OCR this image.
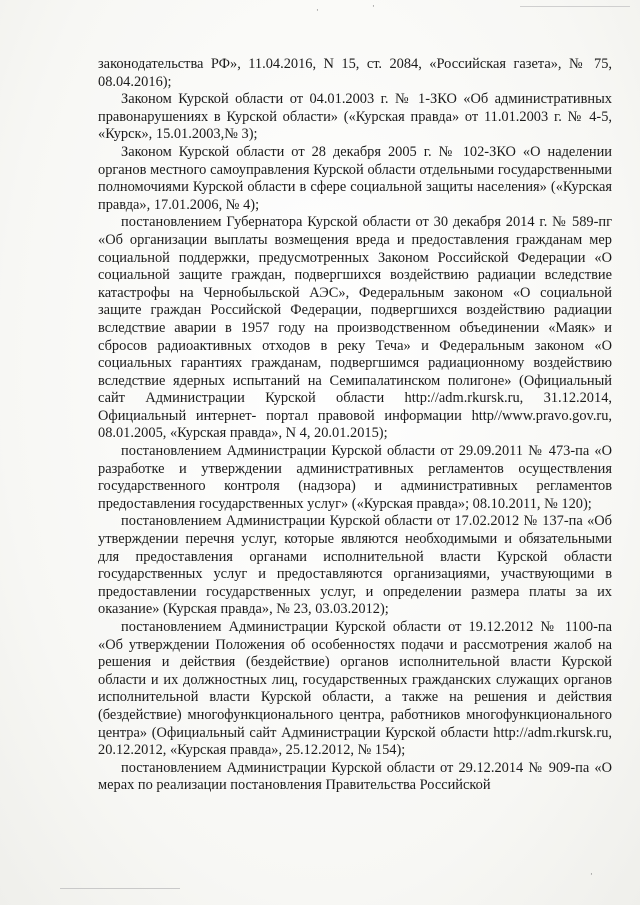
·	·

законодательства РФ», 11.04.2016, N 15, ст. 2084, «Российская газета», № 75, 08.04.2016);

Законом Курской области от 04.01.2003 г. № 1-ЗКО «Об административных правонарушениях в Курской области» («Курская правда» от 11.01.2003 г. № 4-5, «Курск», 15.01.2003,№ 3);

Законом Курской области от 28 декабря 2005 г. № 102-ЗКО «О наделении органов местного самоуправления Курской области отдельными государственными полномочиями Курской области в сфере социальной защиты населения» («Курская правда», 17.01.2006, № 4);

постановлением Губернатора Курской области от 30 декабря 2014 г. № 589-пг «Об организации выплаты возмещения вреда и предоставления гражданам мер социальной поддержки, предусмотренных Законом Российской Федерации «О социальной защите граждан, подвергшихся воздействию радиации вследствие катастрофы на Чернобыльской АЭС», Федеральным законом «О социальной защите граждан Российской Федерации, подвергшихся воздействию радиации вследствие аварии в 1957 году на производственном объединении «Маяк» и сбросов радиоактивных отходов в реку Теча» и Федеральным законом «О социальных гарантиях гражданам, подвергшимся радиационному воздействию вследствие ядерных испытаний на Семипалатинском полигоне» (Официальный сайт Администрации Курской области http://adm.rkursk.ru, 31.12.2014, Официальный интернет- портал правовой информации http//www.pravo.gov.ru, 08.01.2005, «Курская правда», N 4, 20.01.2015);

постановлением Администрации Курской области от 29.09.2011 № 473-па «О разработке и утверждении административных регламентов осуществления государственного контроля (надзора) и административных регламентов предоставления государственных услуг» («Курская правда»; 08.10.2011, № 120);

постановлением Администрации Курской области от 17.02.2012 № 137-па «Об утверждении перечня услуг, которые являются необходимыми и обязательными для предоставления органами исполнительной власти Курской области государственных услуг и предоставляются организациями, участвующими в предоставлении государственных услуг, и определении размера платы за их оказание» (Курская правда», № 23, 03.03.2012);

постановлением Администрации Курской области от 19.12.2012 № 1100-па «Об утверждении Положения об особенностях подачи и рассмотрения жалоб на решения и действия (бездействие) органов исполнительной власти Курской области и их должностных лиц, государственных гражданских служащих органов исполнительной власти Курской области, а также на решения и действия (бездействие) многофункционального центра, работников многофункционального центра» (Официальный сайт Администрации Курской области http://adm.rkursk.ru, 20.12.2012, «Курская правда», 25.12.2012, № 154);

постановлением Администрации Курской области от 29.12.2014 № 909-па «О мерах по реализации постановления Правительства Российской

·
